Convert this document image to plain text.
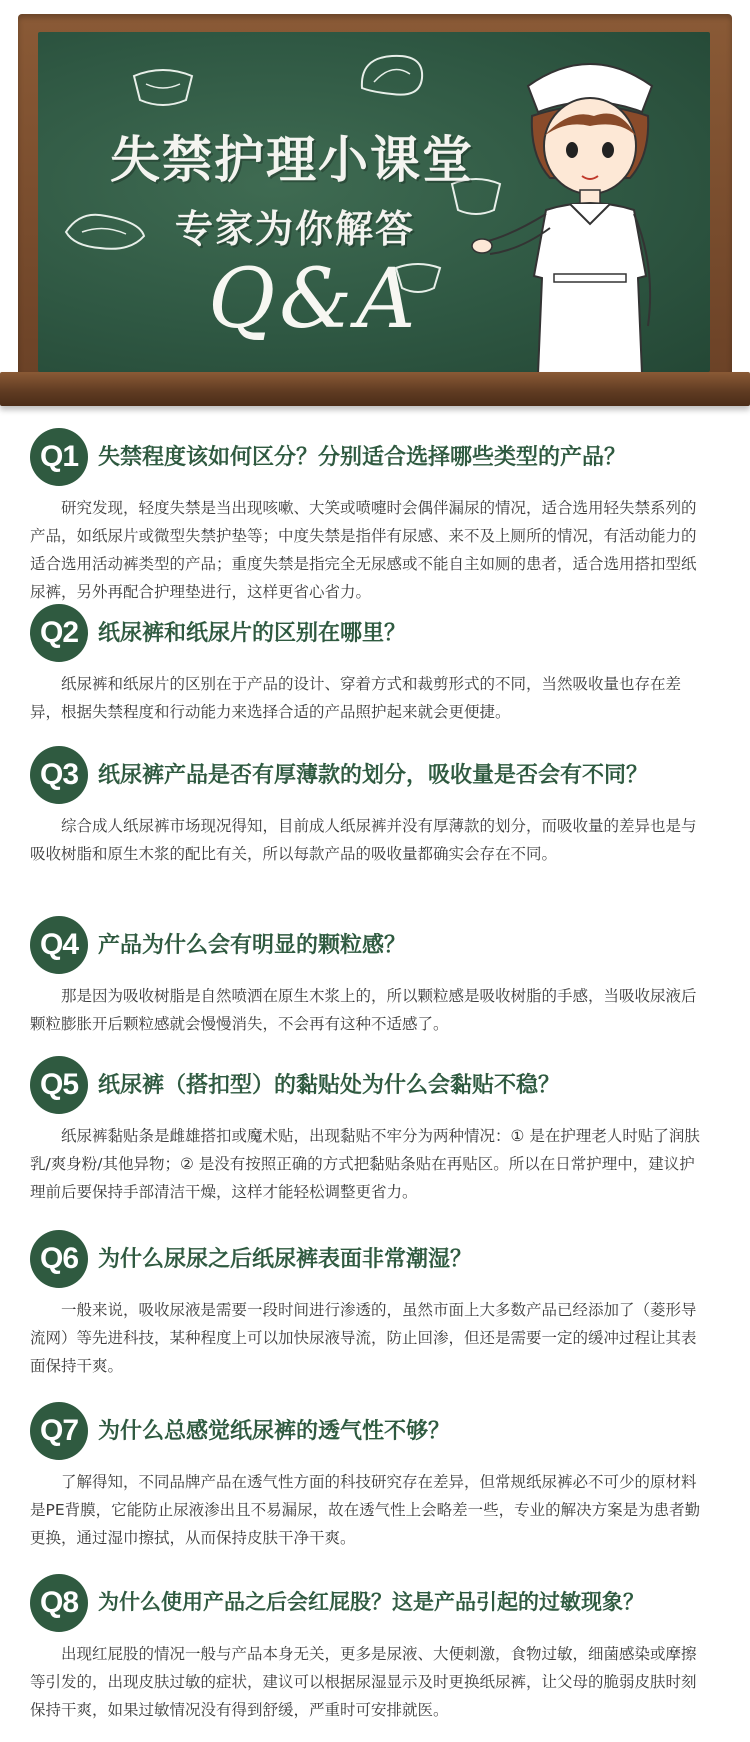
失禁护理小课堂
专家为你解答
Q&A
Q1 失禁程度该如何区分？分别适合选择哪些类型的产品？
研究发现，轻度失禁是当出现咳嗽、大笑或喷嚏时会偶伴漏尿的情况，适合选用轻失禁系列的产品，如纸尿片或微型失禁护垫等；中度失禁是指伴有尿感、来不及上厕所的情况，有活动能力的适合选用活动裤类型的产品；重度失禁是指完全无尿感或不能自主如厕的患者，适合选用搭扣型纸尿裤，另外再配合护理垫进行，这样更省心省力。
Q2 纸尿裤和纸尿片的区别在哪里？
纸尿裤和纸尿片的区别在于产品的设计、穿着方式和裁剪形式的不同，当然吸收量也存在差异，根据失禁程度和行动能力来选择合适的产品照护起来就会更便捷。
Q3 纸尿裤产品是否有厚薄款的划分，吸收量是否会有不同？
综合成人纸尿裤市场现况得知，目前成人纸尿裤并没有厚薄款的划分，而吸收量的差异也是与吸收树脂和原生木浆的配比有关，所以每款产品的吸收量都确实会存在不同。
Q4 产品为什么会有明显的颗粒感？
那是因为吸收树脂是自然喷洒在原生木浆上的，所以颗粒感是吸收树脂的手感，当吸收尿液后颗粒膨胀开后颗粒感就会慢慢消失，不会再有这种不适感了。
Q5 纸尿裤（搭扣型）的黏贴处为什么会黏贴不稳？
纸尿裤黏贴条是雌雄搭扣或魔术贴，出现黏贴不牢分为两种情况：① 是在护理老人时贴了润肤乳/爽身粉/其他异物；② 是没有按照正确的方式把黏贴条贴在再贴区。所以在日常护理中，建议护理前后要保持手部清洁干燥，这样才能轻松调整更省力。
Q6 为什么尿尿之后纸尿裤表面非常潮湿？
一般来说，吸收尿液是需要一段时间进行渗透的，虽然市面上大多数产品已经添加了（菱形导流网）等先进科技，某种程度上可以加快尿液导流，防止回渗，但还是需要一定的缓冲过程让其表面保持干爽。
Q7 为什么总感觉纸尿裤的透气性不够？
了解得知，不同品牌产品在透气性方面的科技研究存在差异，但常规纸尿裤必不可少的原材料是PE背膜，它能防止尿液渗出且不易漏尿，故在透气性上会略差一些，专业的解决方案是为患者勤更换，通过湿巾擦拭，从而保持皮肤干净干爽。
Q8 为什么使用产品之后会红屁股？这是产品引起的过敏现象？
出现红屁股的情况一般与产品本身无关，更多是尿液、大便刺激，食物过敏，细菌感染或摩擦等引发的，出现皮肤过敏的症状，建议可以根据尿湿显示及时更换纸尿裤，让父母的脆弱皮肤时刻保持干爽，如果过敏情况没有得到舒缓，严重时可安排就医。
